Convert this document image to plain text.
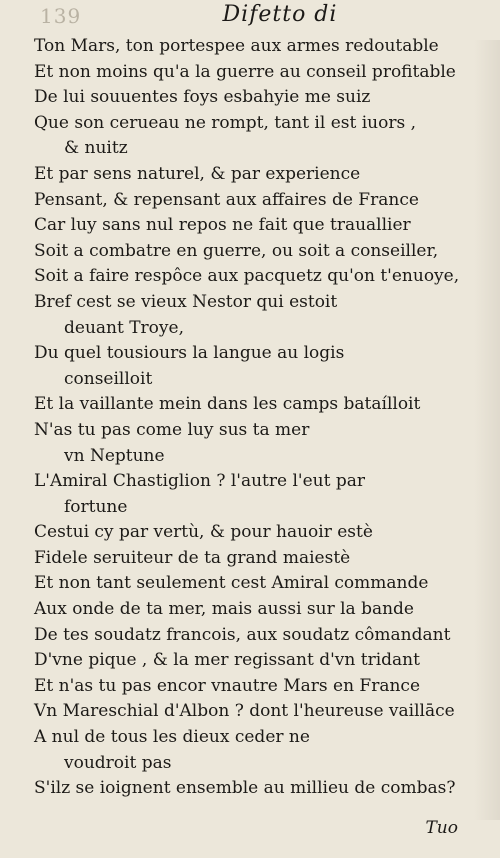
139	Difetto di
Ton Mars, ton portespee aux armes redoutable
Et non moins qu'a la guerre au conseil profitable
De lui souuentes foys esbahyie me suiz
Que son cerueau ne rompt, tant il est iuors ,
& nuitz
Et par sens naturel, & par experience
Pensant, & repensant aux affaires de France
Car luy sans nul repos ne fait que trauallier
Soit a combatre en guerre, ou soit a conseiller,
Soit a faire respôce aux pacquetz qu'on t'enuoye,
Bref cest se vieux Nestor qui estoit
deuant Troye,
Du quel tousiours la langue au logis
conseilloit
Et la vaillante mein dans les camps bataílloit
N'as tu pas come luy sus ta mer
vn Neptune
L'Amiral Chastiglion ? l'autre l'eut par
fortune
Cestui cy par vertù, & pour hauoir estè
Fidele seruiteur de ta grand maiestè
Et non tant seulement cest Amiral commande
Aux onde de ta mer, mais aussi sur la bande
De tes soudatz francois, aux soudatz cômandant
D'vne pique , & la mer regissant d'vn tridant
Et n'as tu pas encor vnautre Mars en France
Vn Mareschial d'Albon ? dont l'heureuse vaillāce
A nul de tous les dieux ceder ne
voudroit pas
S'ilz se ioignent ensemble au millieu de combas?
Tuo
